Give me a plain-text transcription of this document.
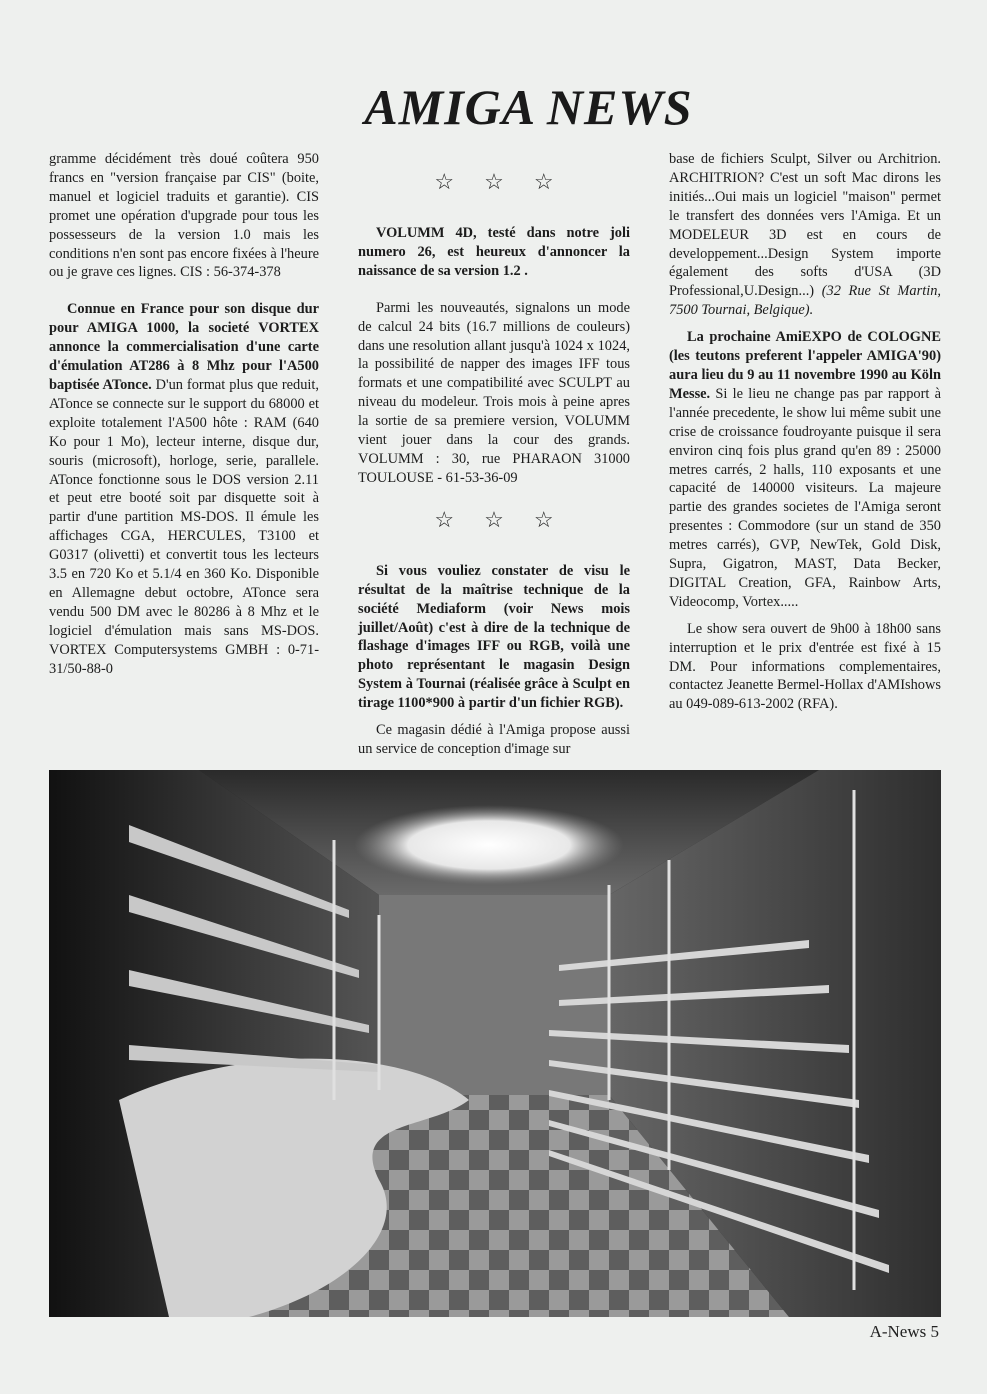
AMIGA NEWS

gramme décidément très doué coûtera 950 francs en "version française par CIS" (boite, manuel et logiciel traduits et garantie). CIS promet une opération d'upgrade pour tous les possesseurs de la version 1.0 mais les conditions n'en sont pas encore fixées à l'heure ou je grave ces lignes. CIS : 56-374-378

Connue en France pour son disque dur pour AMIGA 1000, la societé VORTEX annonce la commercialisation d'une carte d'émulation AT286 à 8 Mhz pour l'A500 baptisée ATonce. D'un format plus que reduit, ATonce se connecte sur le support du 68000 et exploite totalement l'A500 hôte : RAM (640 Ko pour 1 Mo), lecteur interne, disque dur, souris (microsoft), horloge, serie, parallele. ATonce fonctionne sous le DOS version 2.11 et peut etre booté soit par disquette soit à partir d'une partition MS-DOS. Il émule les affichages CGA, HERCULES, T3100 et G0317 (olivetti) et convertit tous les lecteurs 3.5 en 720 Ko et 5.1/4 en 360 Ko. Disponible en Allemagne debut octobre, ATonce sera vendu 500 DM avec le 80286 à 8 Mhz et le logiciel d'émulation mais sans MS-DOS. VORTEX Computersystems GMBH : 0-71-31/50-88-0

☆☆☆

VOLUMM 4D, testé dans notre joli numero 26, est heureux d'annoncer la naissance de sa version 1.2 .

Parmi les nouveautés, signalons un mode de calcul 24 bits (16.7 millions de couleurs) dans une resolution allant jusqu'à 1024 x 1024, la possibilité de napper des images IFF tous formats et une compatibilité avec SCULPT au niveau du modeleur. Trois mois à peine apres la sortie de sa premiere version, VOLUMM vient jouer dans la cour des grands. VOLUMM : 30, rue PHARAON 31000 TOULOUSE - 61-53-36-09

☆☆☆

Si vous vouliez constater de visu le résultat de la maîtrise technique de la société Mediaform (voir News mois juillet/Août) c'est à dire de la technique de flashage d'images IFF ou RGB, voilà une photo représentant le magasin Design System à Tournai (réalisée grâce à Sculpt en tirage 1100*900 à partir d'un fichier RGB).

Ce magasin dédié à l'Amiga propose aussi un service de conception d'image sur

base de fichiers Sculpt, Silver ou Architrion. ARCHITRION? C'est un soft Mac dirons les initiés...Oui mais un logiciel "maison" permet le transfert des données vers l'Amiga. Et un MODELEUR 3D est en cours de developpement...Design System importe également des softs d'USA (3D Professional,U.Design...) (32 Rue St Martin, 7500 Tournai, Belgique).

La prochaine AmiEXPO de COLOGNE (les teutons preferent l'appeler AMIGA'90) aura lieu du 9 au 11 novembre 1990 au Köln Messe. Si le lieu ne change pas par rapport à l'année precedente, le show lui même subit une crise de croissance foudroyante puisque il sera environ cinq fois plus grand qu'en 89 : 25000 metres carrés, 2 halls, 110 exposants et une capacité de 140000 visiteurs. La majeure partie des grandes societes de l'Amiga seront presentes : Commodore (sur un stand de 350 metres carrés), GVP, NewTek, Gold Disk, Supra, Gigatron, MAST, Data Becker, DIGITAL Creation, GFA, Rainbow Arts, Videocomp, Vortex.....

Le show sera ouvert de 9h00 à 18h00 sans interruption et le prix d'entrée est fixé à 15 DM. Pour informations complementaires, contactez Jeanette Bermel-Hollax d'AMIshows au 049-089-613-2002 (RFA).

A-News 5
